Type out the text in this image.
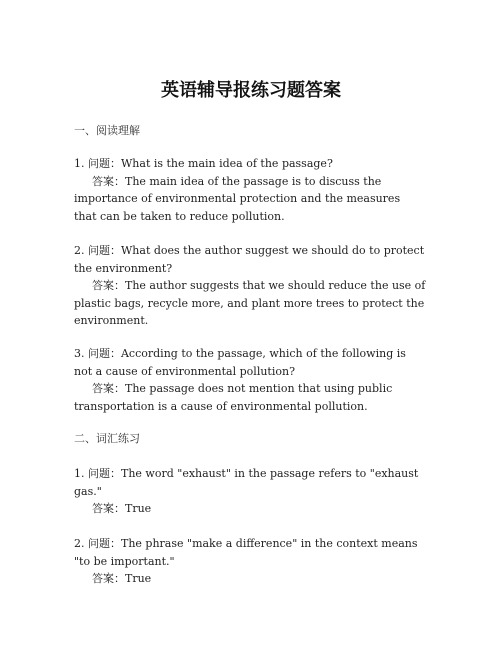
英语辅导报练习题答案
一、阅读理解

1. 问题：What is the main idea of the passage?

答案：The main idea of the passage is to discuss the importance of environmental protection and the measures that can be taken to reduce pollution.

2. 问题：What does the author suggest we should do to protect the environment?

答案：The author suggests that we should reduce the use of plastic bags, recycle more, and plant more trees to protect the environment.

3. 问题：According to the passage, which of the following is not a cause of environmental pollution?

答案：The passage does not mention that using public transportation is a cause of environmental pollution.

二、词汇练习

1. 问题：The word "exhaust" in the passage refers to "exhaust gas."

答案：True

2. 问题：The phrase "make a difference" in the context means "to be important."

答案：True
